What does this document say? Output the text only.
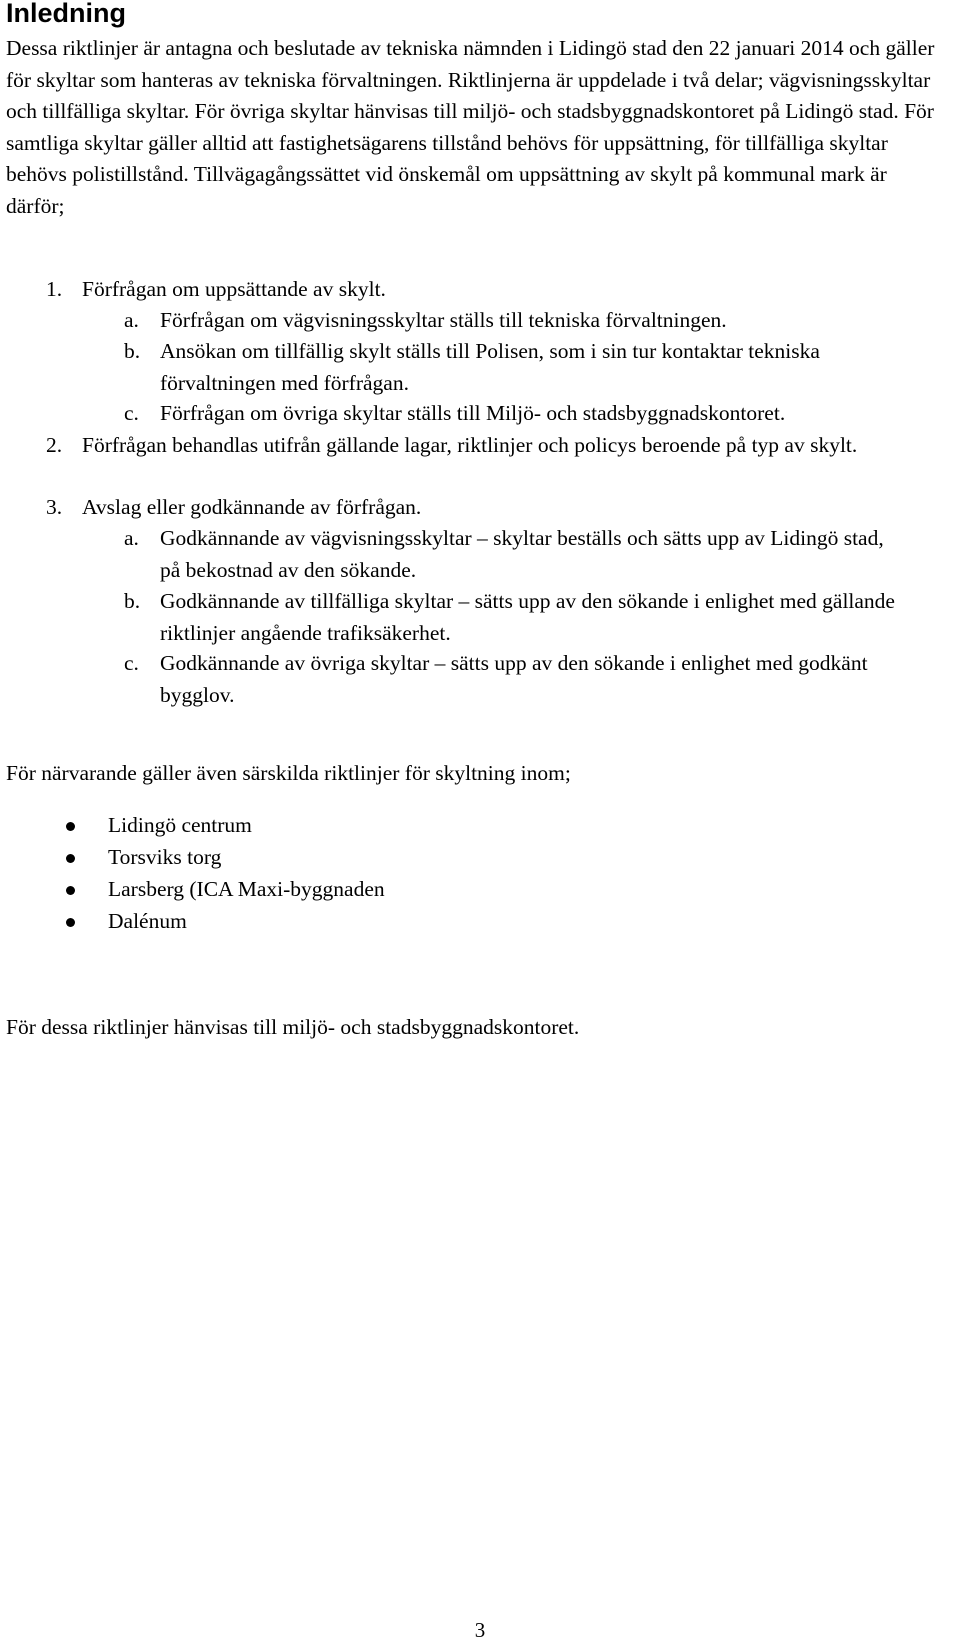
Inledning

Dessa riktlinjer är antagna och beslutade av tekniska nämnden i Lidingö stad den 22 januari 2014 och gäller för skyltar som hanteras av tekniska förvaltningen. Riktlinjerna är uppdelade i två delar; vägvisningsskyltar och tillfälliga skyltar. För övriga skyltar hänvisas till miljö- och stadsbyggnadskontoret på Lidingö stad. För samtliga skyltar gäller alltid att fastighetsägarens tillstånd behövs för uppsättning, för tillfälliga skyltar behövs polistillstånd. Tillvägagångssättet vid önskemål om uppsättning av skylt på kommunal mark är därför;

1. Förfrågan om uppsättande av skylt.
a. Förfrågan om vägvisningsskyltar ställs till tekniska förvaltningen.
b. Ansökan om tillfällig skylt ställs till Polisen, som i sin tur kontaktar tekniska förvaltningen med förfrågan.
c. Förfrågan om övriga skyltar ställs till Miljö- och stadsbyggnadskontoret.
2. Förfrågan behandlas utifrån gällande lagar, riktlinjer och policys beroende på typ av skylt.
3. Avslag eller godkännande av förfrågan.
a. Godkännande av vägvisningsskyltar – skyltar beställs och sätts upp av Lidingö stad, på bekostnad av den sökande.
b. Godkännande av tillfälliga skyltar – sätts upp av den sökande i enlighet med gällande riktlinjer angående trafiksäkerhet.
c. Godkännande av övriga skyltar – sätts upp av den sökande i enlighet med godkänt bygglov.

För närvarande gäller även särskilda riktlinjer för skyltning inom;

Lidingö centrum
Torsviks torg
Larsberg (ICA Maxi-byggnaden
Dalénum

För dessa riktlinjer hänvisas till miljö- och stadsbyggnadskontoret.

3
